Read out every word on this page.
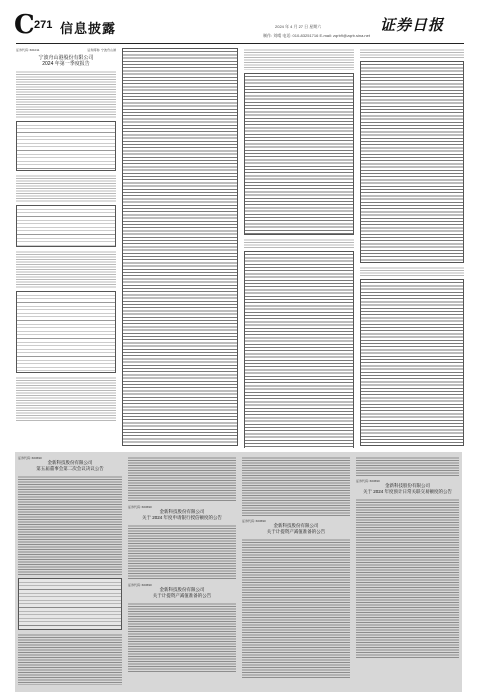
C 271 信息披露	2024 年 4 月 27 日 星期六
制作: 刘晴 电话: 010-83251716 E-mail: zqrb9@zqrb.sina.net
证券日报
证券代码: 601011	证券简称: 宁波舟山港
宁波舟山港股份有限公司
2024 年第一季度报告
证券代码: 603690
金新科技股份有限公司
第五届董事会第二次会议决议公告
证券代码: 603690
金新科技股份有限公司
关于 2024 年度申请银行授信额度的公告
证券代码: 603690
金新科技股份有限公司
关于计提资产减值准备的公告
证券代码: 603690
金新科技股份有限公司
关于计提资产减值准备的公告
证券代码: 603690
金新科技股份有限公司
关于 2024 年度预计日常关联交易额度的公告
